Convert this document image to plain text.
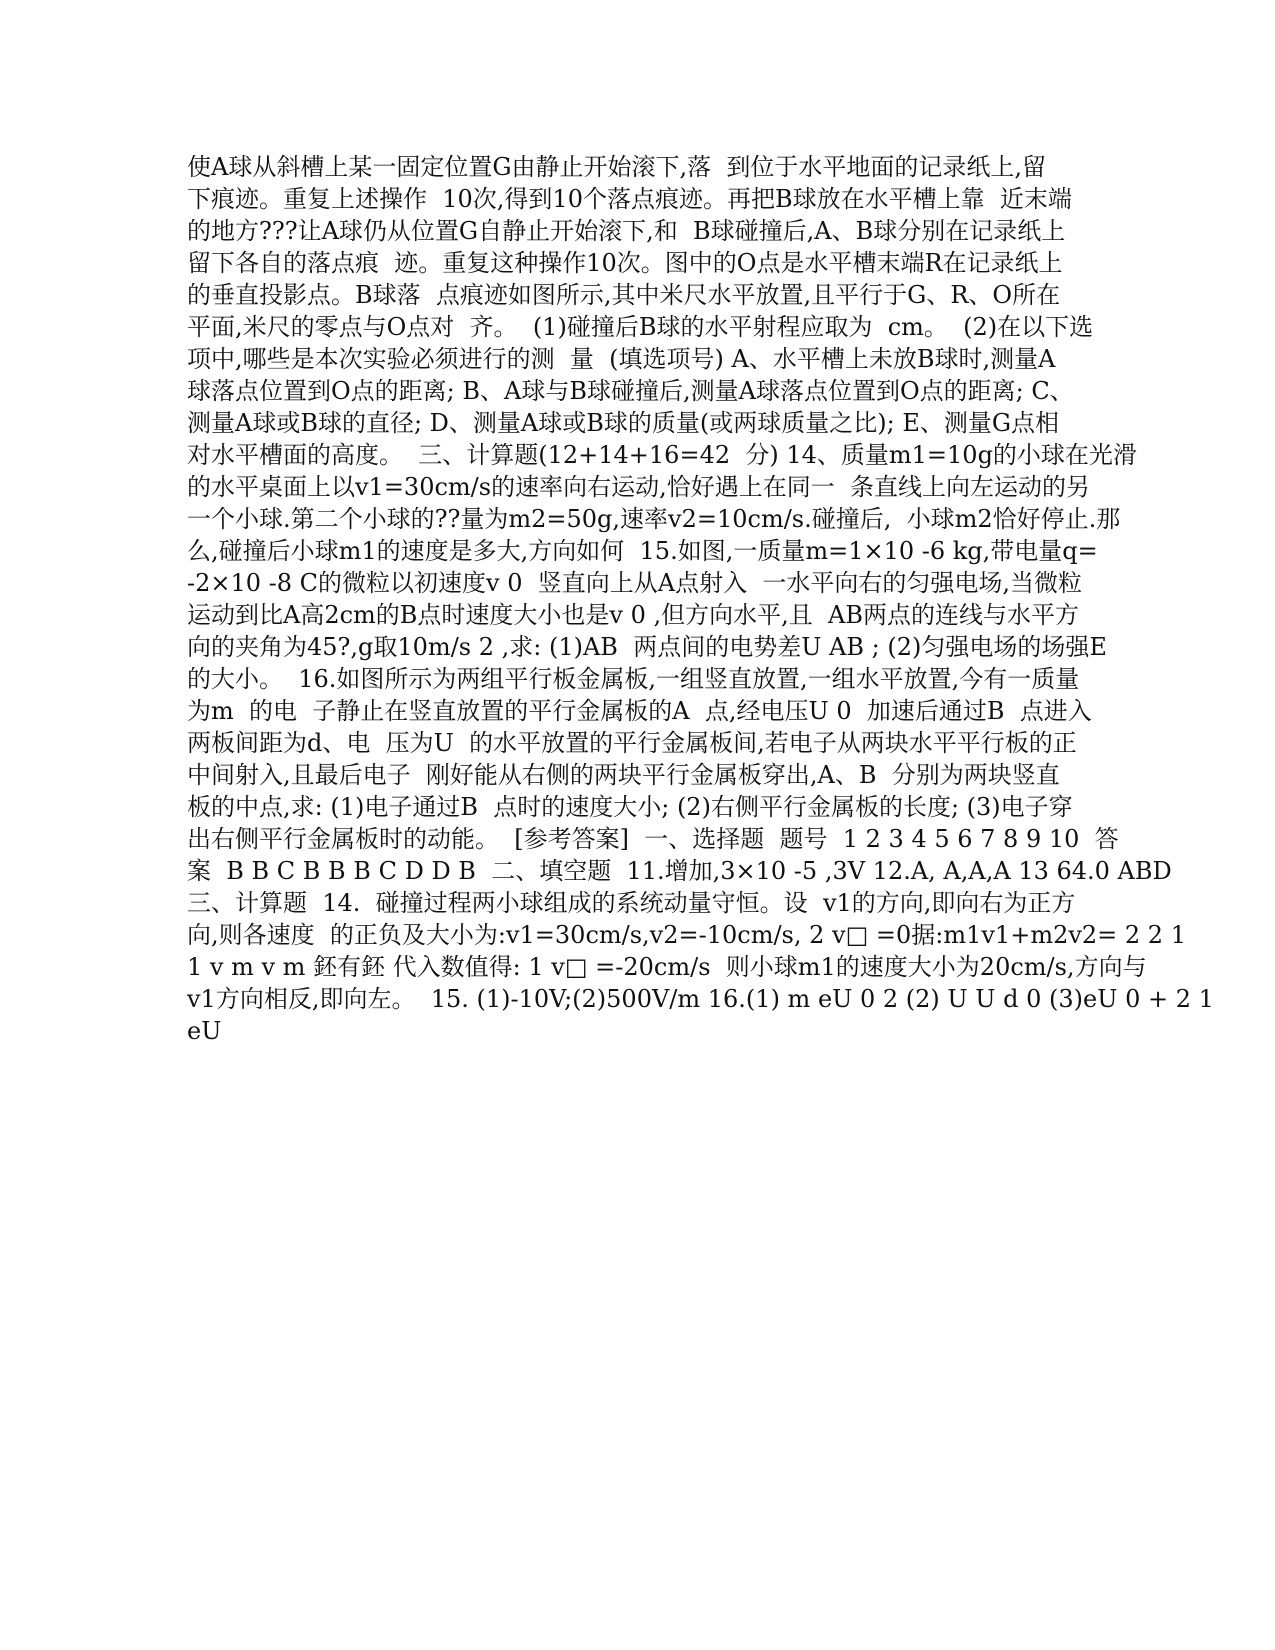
使A球从斜槽上某一固定位置G由静止开始滚下,落  到位于水平地面的记录纸上,留
下痕迹。重复上述操作  10次,得到10个落点痕迹。再把B球放在水平槽上靠  近末端
的地方???让A球仍从位置G自静止开始滚下,和  B球碰撞后,A、B球分别在记录纸上
留下各自的落点痕  迹。重复这种操作10次。图中的O点是水平槽末端R在记录纸上
的垂直投影点。B球落  点痕迹如图所示,其中米尺水平放置,且平行于G、R、O所在
平面,米尺的零点与O点对  齐。  (1)碰撞后B球的水平射程应取为  cm。  (2)在以下选
项中,哪些是本次实验必须进行的测  量  (填选项号) A、水平槽上未放B球时,测量A
球落点位置到O点的距离; B、A球与B球碰撞后,测量A球落点位置到O点的距离; C、
测量A球或B球的直径; D、测量A球或B球的质量(或两球质量之比); E、测量G点相
对水平槽面的高度。  三、计算题(12+14+16=42  分) 14、质量m1=10g的小球在光滑
的水平桌面上以v1=30cm/s的速率向右运动,恰好遇上在同一  条直线上向左运动的另
一个小球.第二个小球的??量为m2=50g,速率v2=10cm/s.碰撞后,  小球m2恰好停止.那
么,碰撞后小球m1的速度是多大,方向如何  15.如图,一质量m=1×10 -6 kg,带电量q=
-2×10 -8 C的微粒以初速度v 0  竖直向上从A点射入  一水平向右的匀强电场,当微粒
运动到比A高2cm的B点时速度大小也是v 0 ,但方向水平,且  AB两点的连线与水平方
向的夹角为45?,g取10m/s 2 ,求: (1)AB  两点间的电势差U AB ; (2)匀强电场的场强E
的大小。  16.如图所示为两组平行板金属板,一组竖直放置,一组水平放置,今有一质量
为m  的电  子静止在竖直放置的平行金属板的A  点,经电压U 0  加速后通过B  点进入
两板间距为d、电  压为U  的水平放置的平行金属板间,若电子从两块水平平行板的正
中间射入,且最后电子  刚好能从右侧的两块平行金属板穿出,A、B  分别为两块竖直
板的中点,求: (1)电子通过B  点时的速度大小; (2)右侧平行金属板的长度; (3)电子穿
出右侧平行金属板时的动能。  [参考答案]  一、选择题  题号  1 2 3 4 5 6 7 8 9 10  答
案  B B C B B B C D D B  二、填空题  11.增加,3×10 -5 ,3V 12.A, A,A,A 13 64.0 ABD
三、计算题  14.  碰撞过程两小球组成的系统动量守恒。设  v1的方向,即向右为正方
向,则各速度  的正负及大小为:v1=30cm/s,v2=-10cm/s, 2 v□ =0据:m1v1+m2v2= 2 2 1
1 v m v m 鉟有鉟 代入数值得: 1 v□ =-20cm/s  则小球m1的速度大小为20cm/s,方向与
v1方向相反,即向左。  15. (1)-10V;(2)500V/m 16.(1) m eU 0 2 (2) U U d 0 (3)eU 0 + 2 1
eU
